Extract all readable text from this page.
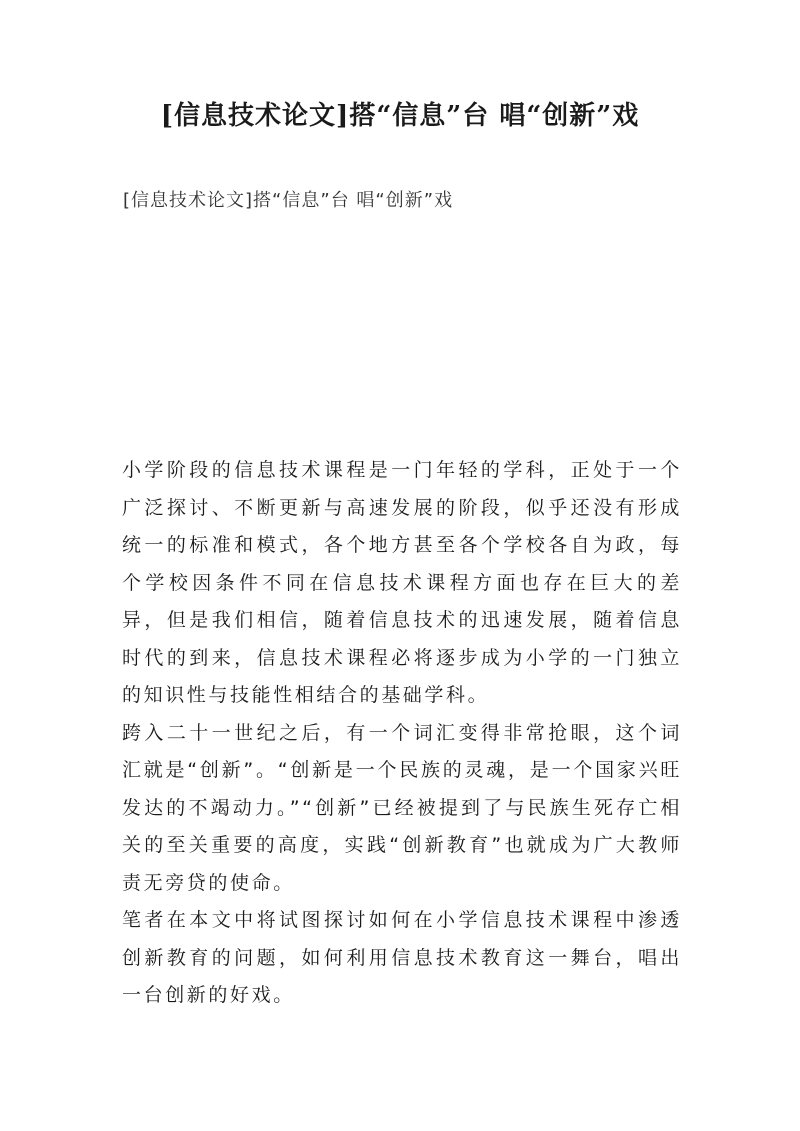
[信息技术论文]搭“信息”台 唱“创新”戏
[信息技术论文]搭“信息”台 唱“创新”戏

小学阶段的信息技术课程是一门年轻的学科，正处于一个广泛探讨、不断更新与高速发展的阶段，似乎还没有形成统一的标准和模式，各个地方甚至各个学校各自为政，每个学校因条件不同在信息技术课程方面也存在巨大的差异，但是我们相信，随着信息技术的迅速发展，随着信息时代的到来，信息技术课程必将逐步成为小学的一门独立的知识性与技能性相结合的基础学科。

跨入二十一世纪之后，有一个词汇变得非常抢眼，这个词汇就是“创新”。“创新是一个民族的灵魂，是一个国家兴旺发达的不竭动力。”“创新”已经被提到了与民族生死存亡相关的至关重要的高度，实践“创新教育”也就成为广大教师责无旁贷的使命。

笔者在本文中将试图探讨如何在小学信息技术课程中渗透创新教育的问题，如何利用信息技术教育这一舞台，唱出一台创新的好戏。
